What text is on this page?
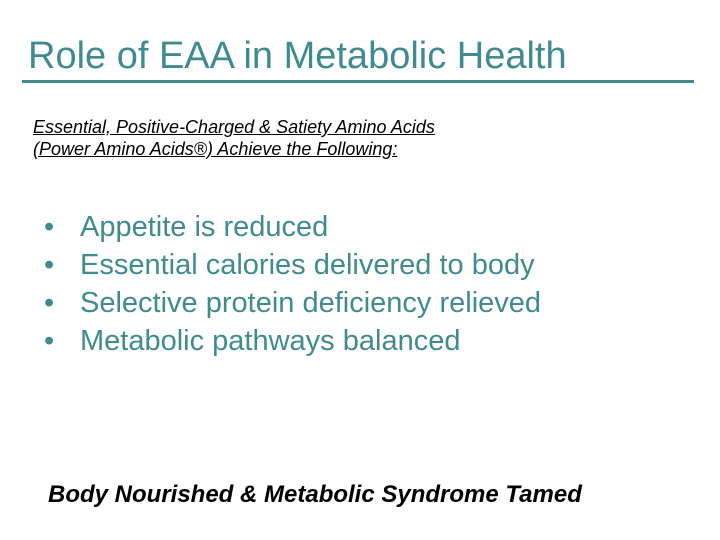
Role of EAA in Metabolic Health
Essential, Positive-Charged & Satiety Amino Acids
(Power Amino Acids®) Achieve the Following:
• Appetite is reduced
• Essential calories delivered to body
• Selective protein deficiency relieved
• Metabolic pathways balanced
Body Nourished & Metabolic Syndrome Tamed
